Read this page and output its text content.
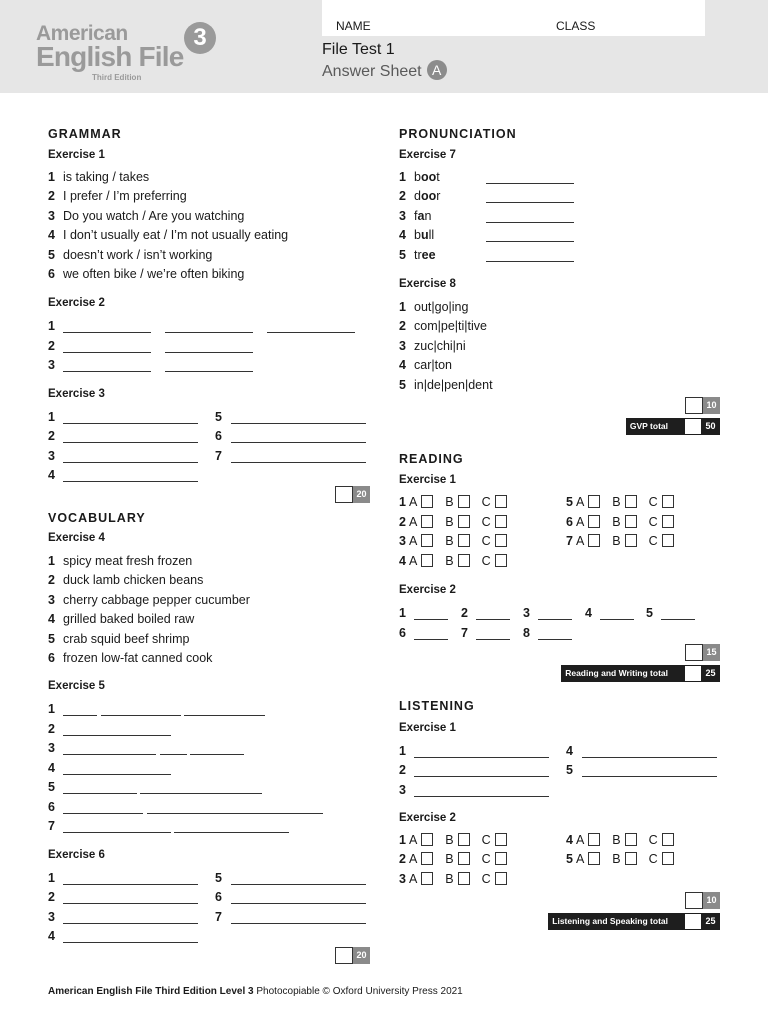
American
English File
Third Edition
3	NAME	CLASS
File Test 1
Answer Sheet A
GRAMMAR
Exercise 1
1 is taking / takes
2 I prefer / I’m preferring
3 Do you watch / Are you watching
4 I don’t usually eat / I’m not usually eating
5 doesn’t work / isn’t working
6 we often bike / we’re often biking
Exercise 2
1
2
3
Exercise 3
1
2
3
4
5
6
7
20
VOCABULARY
Exercise 4
1 spicy meat fresh frozen
2 duck lamb chicken beans
3 cherry cabbage pepper cucumber
4 grilled baked boiled raw
5 crab squid beef shrimp
6 frozen low-fat canned cook
Exercise 5
1
2
3
4
5
6
7
Exercise 6
1
2
3
4
5
6
7
20
PRONUNCIATION
Exercise 7
1 boot
2 door
3 fan
4 bull
5 tree
Exercise 8
1 out|go|ing
2 com|pe|ti|tive
3 zuc|chi|ni
4 car|ton
5 in|de|pen|dent
10
GVP total	50
READING
Exercise 1
1 A B C
2 A B C
3 A B C
4 A B C
5 A B C
6 A B C
7 A B C
Exercise 2
1	2	3	4	5
6	7	8
15
Reading and Writing total	25
LISTENING
Exercise 1
1
2
3
4
5
Exercise 2
1 A B C
2 A B C
3 A B C
4 A B C
5 A B C
10
Listening and Speaking total	25
American English File Third Edition Level 3 Photocopiable © Oxford University Press 2021
